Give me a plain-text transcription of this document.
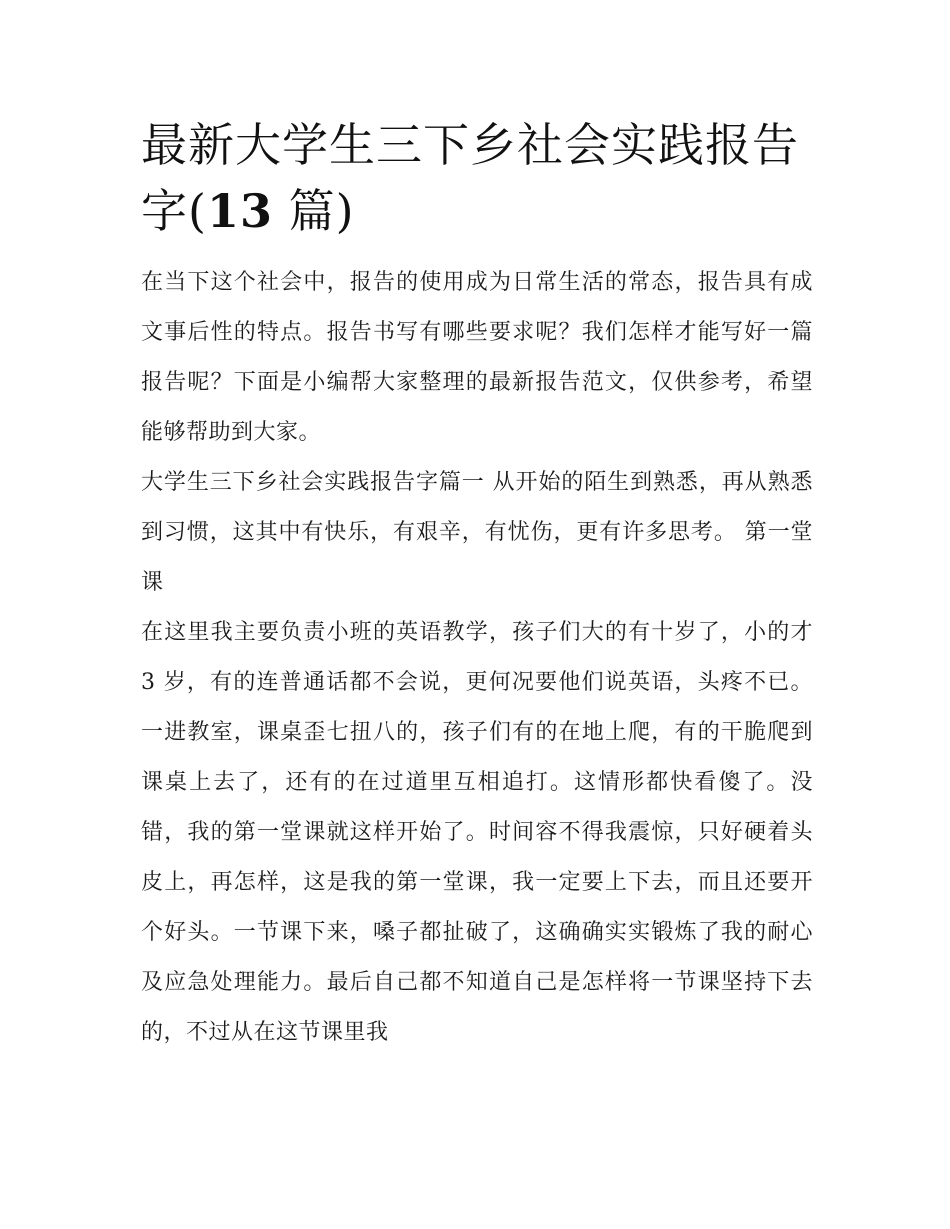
最新大学生三下乡社会实践报告字(13 篇)

在当下这个社会中，报告的使用成为日常生活的常态，报告具有成文事后性的特点。报告书写有哪些要求呢？我们怎样才能写好一篇报告呢？下面是小编帮大家整理的最新报告范文，仅供参考，希望能够帮助到大家。

大学生三下乡社会实践报告字篇一 从开始的陌生到熟悉，再从熟悉到习惯，这其中有快乐，有艰辛，有忧伤，更有许多思考。 第一堂课

在这里我主要负责小班的英语教学，孩子们大的有十岁了，小的才 3 岁，有的连普通话都不会说，更何况要他们说英语，头疼不已。一进教室，课桌歪七扭八的，孩子们有的在地上爬，有的干脆爬到课桌上去了，还有的在过道里互相追打。这情形都快看傻了。没错，我的第一堂课就这样开始了。时间容不得我震惊，只好硬着头皮上，再怎样，这是我的第一堂课，我一定要上下去，而且还要开个好头。一节课下来，嗓子都扯破了，这确确实实锻炼了我的耐心及应急处理能力。最后自己都不知道自己是怎样将一节课坚持下去的，不过从在这节课里我
